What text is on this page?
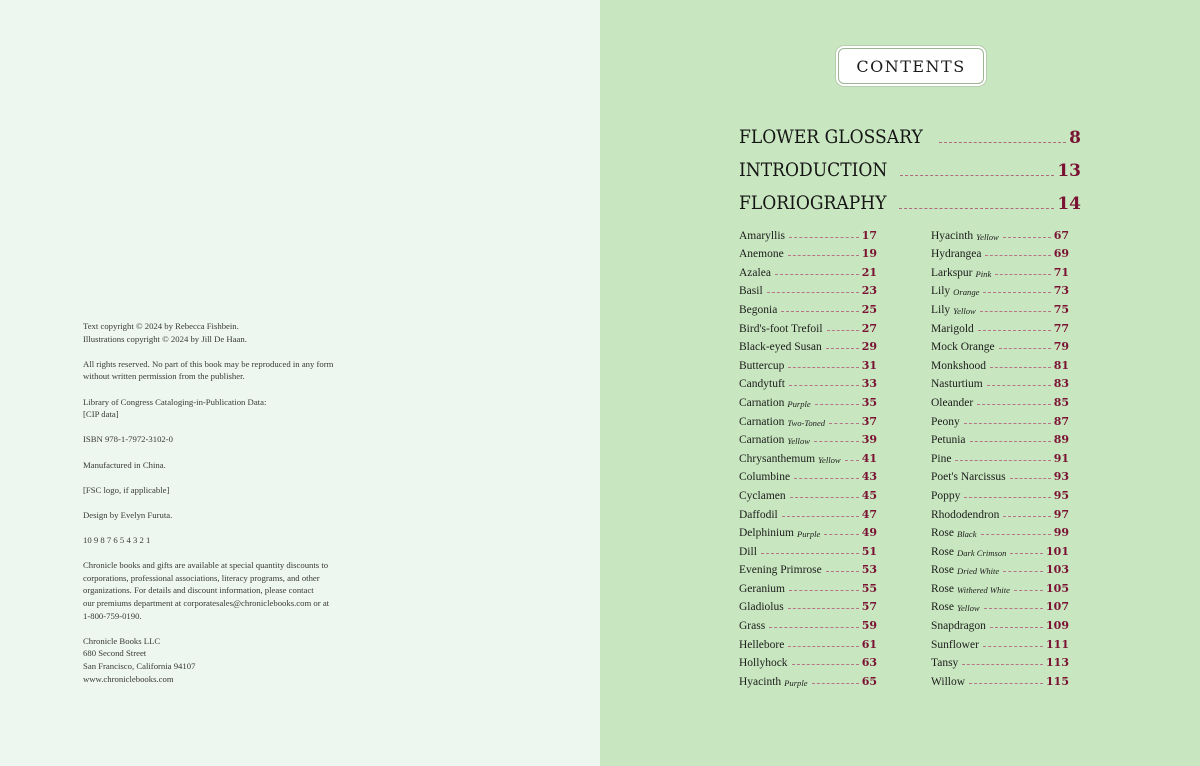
Text copyright © 2024 by Rebecca Fishbein.
Illustrations copyright © 2024 by Jill De Haan.
All rights reserved. No part of this book may be reproduced in any form
without written permission from the publisher.
Library of Congress Cataloging-in-Publication Data:
[CIP data]
ISBN 978-1-7972-3102-0
Manufactured in China.
[FSC logo, if applicable]
Design by Evelyn Furuta.
10 9 8 7 6 5 4 3 2 1
Chronicle books and gifts are available at special quantity discounts to
corporations, professional associations, literacy programs, and other
organizations. For details and discount information, please contact
our premiums department at corporatesales@chroniclebooks.com or at
1-800-759-0190.
Chronicle Books LLC
680 Second Street
San Francisco, California 94107
www.chroniclebooks.com
CONTENTS
FLOWER GLOSSARY	8
INTRODUCTION	13
FLORIOGRAPHY	14
Amaryllis	17
Anemone	19
Azalea	21
Basil	23
Begonia	25
Bird's-foot Trefoil	27
Black-eyed Susan	29
Buttercup	31
Candytuft	33
Carnation Purple	35
Carnation Two-Toned	37
Carnation Yellow	39
Chrysanthemum Yellow 41
Columbine	43
Cyclamen	45
Daffodil	47
Delphinium Purple	49
Dill	51
Evening Primrose	53
Geranium	55
Gladiolus	57
Grass	59
Hellebore	61
Hollyhock	63
Hyacinth Purple	65
Hyacinth Yellow	67
Hydrangea	69
Larkspur Pink	71
Lily Orange	73
Lily Yellow	75
Marigold	77
Mock Orange	79
Monkshood	81
Nasturtium	83
Oleander	85
Peony	87
Petunia	89
Pine	91
Poet's Narcissus	93
Poppy	95
Rhododendron	97
Rose Black	99
Rose Dark Crimson	101
Rose Dried White	103
Rose Withered White	105
Rose Yellow	107
Snapdragon	109
Sunflower	111
Tansy	113
Willow	115
